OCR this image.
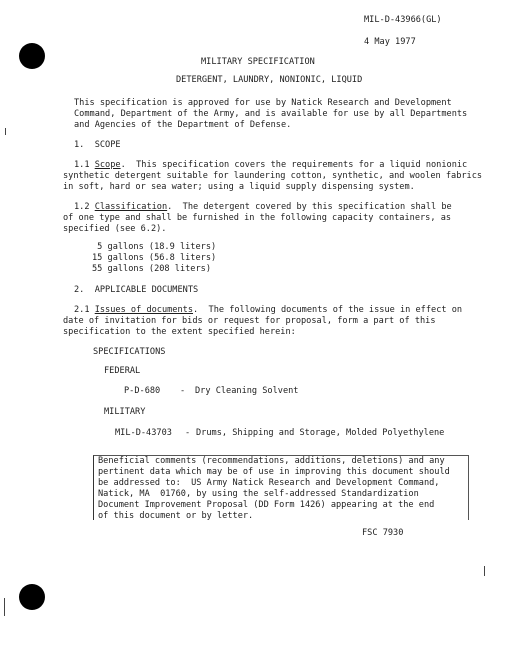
MIL-D-43966(GL)
4 May 1977
MILITARY SPECIFICATION
DETERGENT, LAUNDRY, NONIONIC, LIQUID
This specification is approved for use by Natick Research and Development
Command, Department of the Army, and is available for use by all Departments
and Agencies of the Department of Defense.
1.  SCOPE
1.1 Scope.  This specification covers the requirements for a liquid nonionic
synthetic detergent suitable for laundering cotton, synthetic, and woolen fabrics
in soft, hard or sea water; using a liquid supply dispensing system.
1.2 Classification.  The detergent covered by this specification shall be
of one type and shall be furnished in the following capacity containers, as
specified (see 6.2).
5 gallons (18.9 liters)
15 gallons (56.8 liters)
55 gallons (208 liters)
2.  APPLICABLE DOCUMENTS
2.1 Issues of documents.  The following documents of the issue in effect on
date of invitation for bids or request for proposal, form a part of this
specification to the extent specified herein:
SPECIFICATIONS
FEDERAL
P-D-680 - Dry Cleaning Solvent
MILITARY
MIL-D-43703 - Drums, Shipping and Storage, Molded Polyethylene
Beneficial comments (recommendations, additions, deletions) and any
pertinent data which may be of use in improving this document should
be addressed to:  US Army Natick Research and Development Command,
Natick, MA  01760, by using the self-addressed Standardization
Document Improvement Proposal (DD Form 1426) appearing at the end
of this document or by letter.
FSC 7930
